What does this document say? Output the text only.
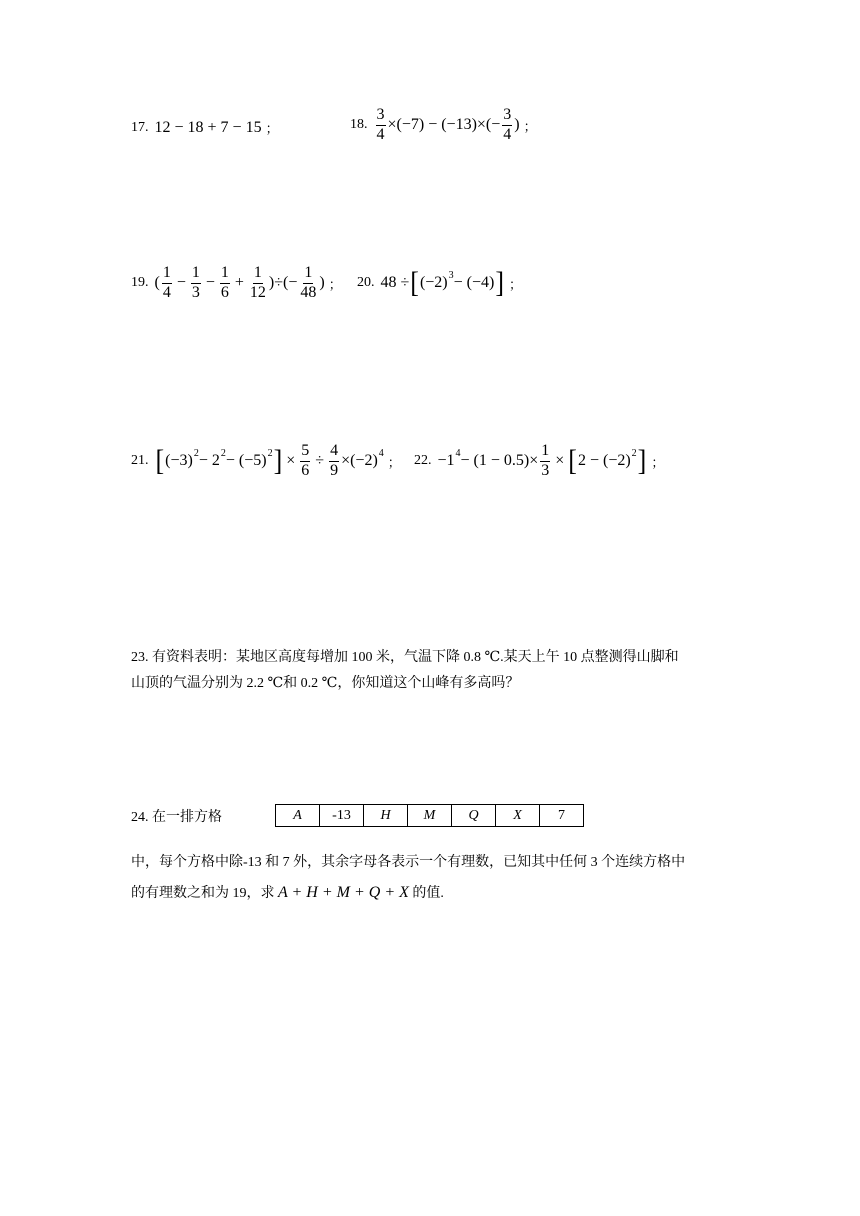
17. 12 − 18 + 7 − 15 ；	18. $\frac{3}{4} \times(-7) - (-13)\times(- \frac{3}{4}$ ) ；
19. ( $\frac{1}{4} - \frac{1}{3} - \frac{1}{6} + \frac{1}{12}$ )÷(− $\frac{1}{48}$ ) ； 20. 48 ÷ [ (−2) 3 − (−4) ] ；
21. [ (−3) 2 − 2 2 − (−5) 2 ] × $\frac{5}{6} \div \frac{4}{9} \times(-2)$ 4
； 22. −1 $4 - (1 - 0.5)\times \frac{1}{3}$ × [ 2 − (−2) 2 ] ；
23. 有资料表明：某地区高度每增加 100 米，气温下降 0.8 ℃.某天上午 10 点整测得山脚和
山顶的气温分别为 2.2 ℃和 0.2 ℃，你知道这个山峰有多高吗？
24. 在一排方格	A	-13	H	M	Q	X	7
中，每个方格中除-13 和 7 外，其余字母各表示一个有理数，已知其中任何 3 个连续方格中
的有理数之和为 19，求 A + H + M + Q + X 的值.
